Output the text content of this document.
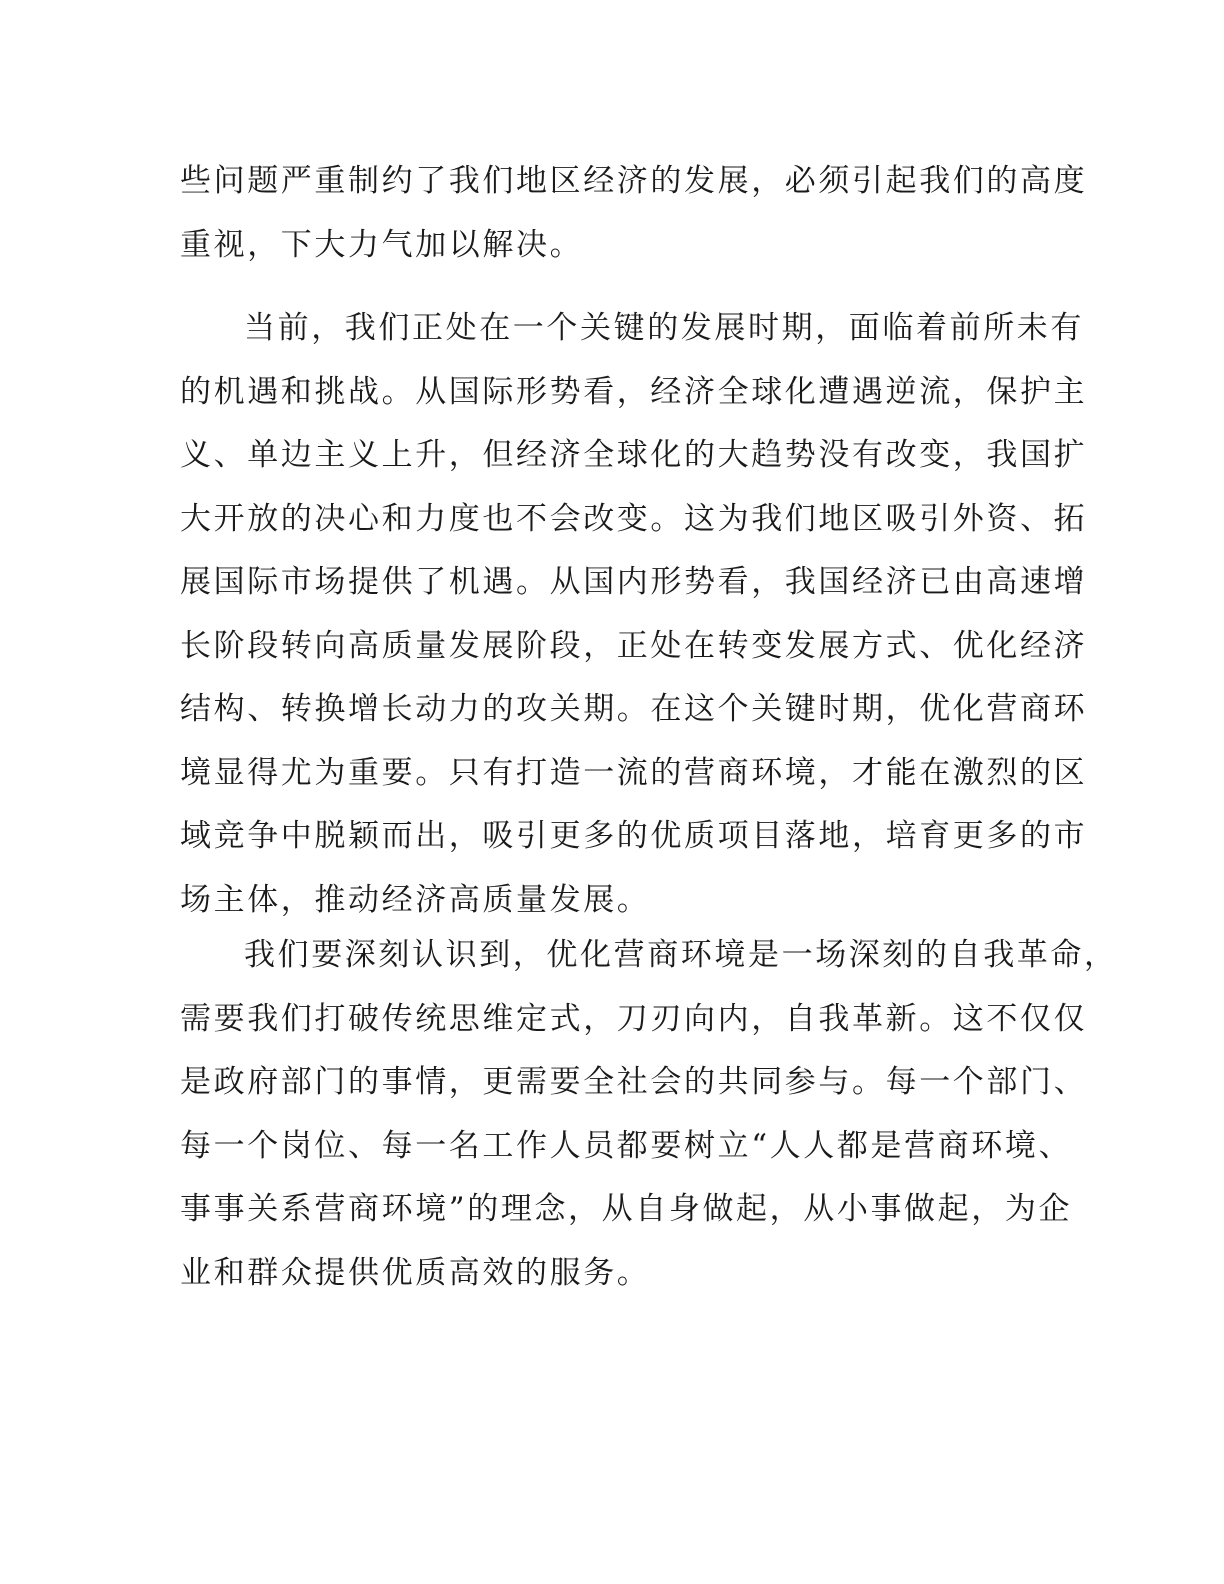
些问题严重制约了我们地区经济的发展，必须引起我们的高度
重视，下大力气加以解决。
当前，我们正处在一个关键的发展时期，面临着前所未有
的机遇和挑战。从国际形势看，经济全球化遭遇逆流，保护主
义、单边主义上升，但经济全球化的大趋势没有改变，我国扩
大开放的决心和力度也不会改变。这为我们地区吸引外资、拓
展国际市场提供了机遇。从国内形势看，我国经济已由高速增
长阶段转向高质量发展阶段，正处在转变发展方式、优化经济
结构、转换增长动力的攻关期。在这个关键时期，优化营商环
境显得尤为重要。只有打造一流的营商环境，才能在激烈的区
域竞争中脱颖而出，吸引更多的优质项目落地，培育更多的市
场主体，推动经济高质量发展。
我们要深刻认识到，优化营商环境是一场深刻的自我革命，
需要我们打破传统思维定式，刀刃向内，自我革新。这不仅仅
是政府部门的事情，更需要全社会的共同参与。每一个部门、
每一个岗位、每一名工作人员都要树立“人人都是营商环境、
事事关系营商环境”的理念，从自身做起，从小事做起，为企
业和群众提供优质高效的服务。
